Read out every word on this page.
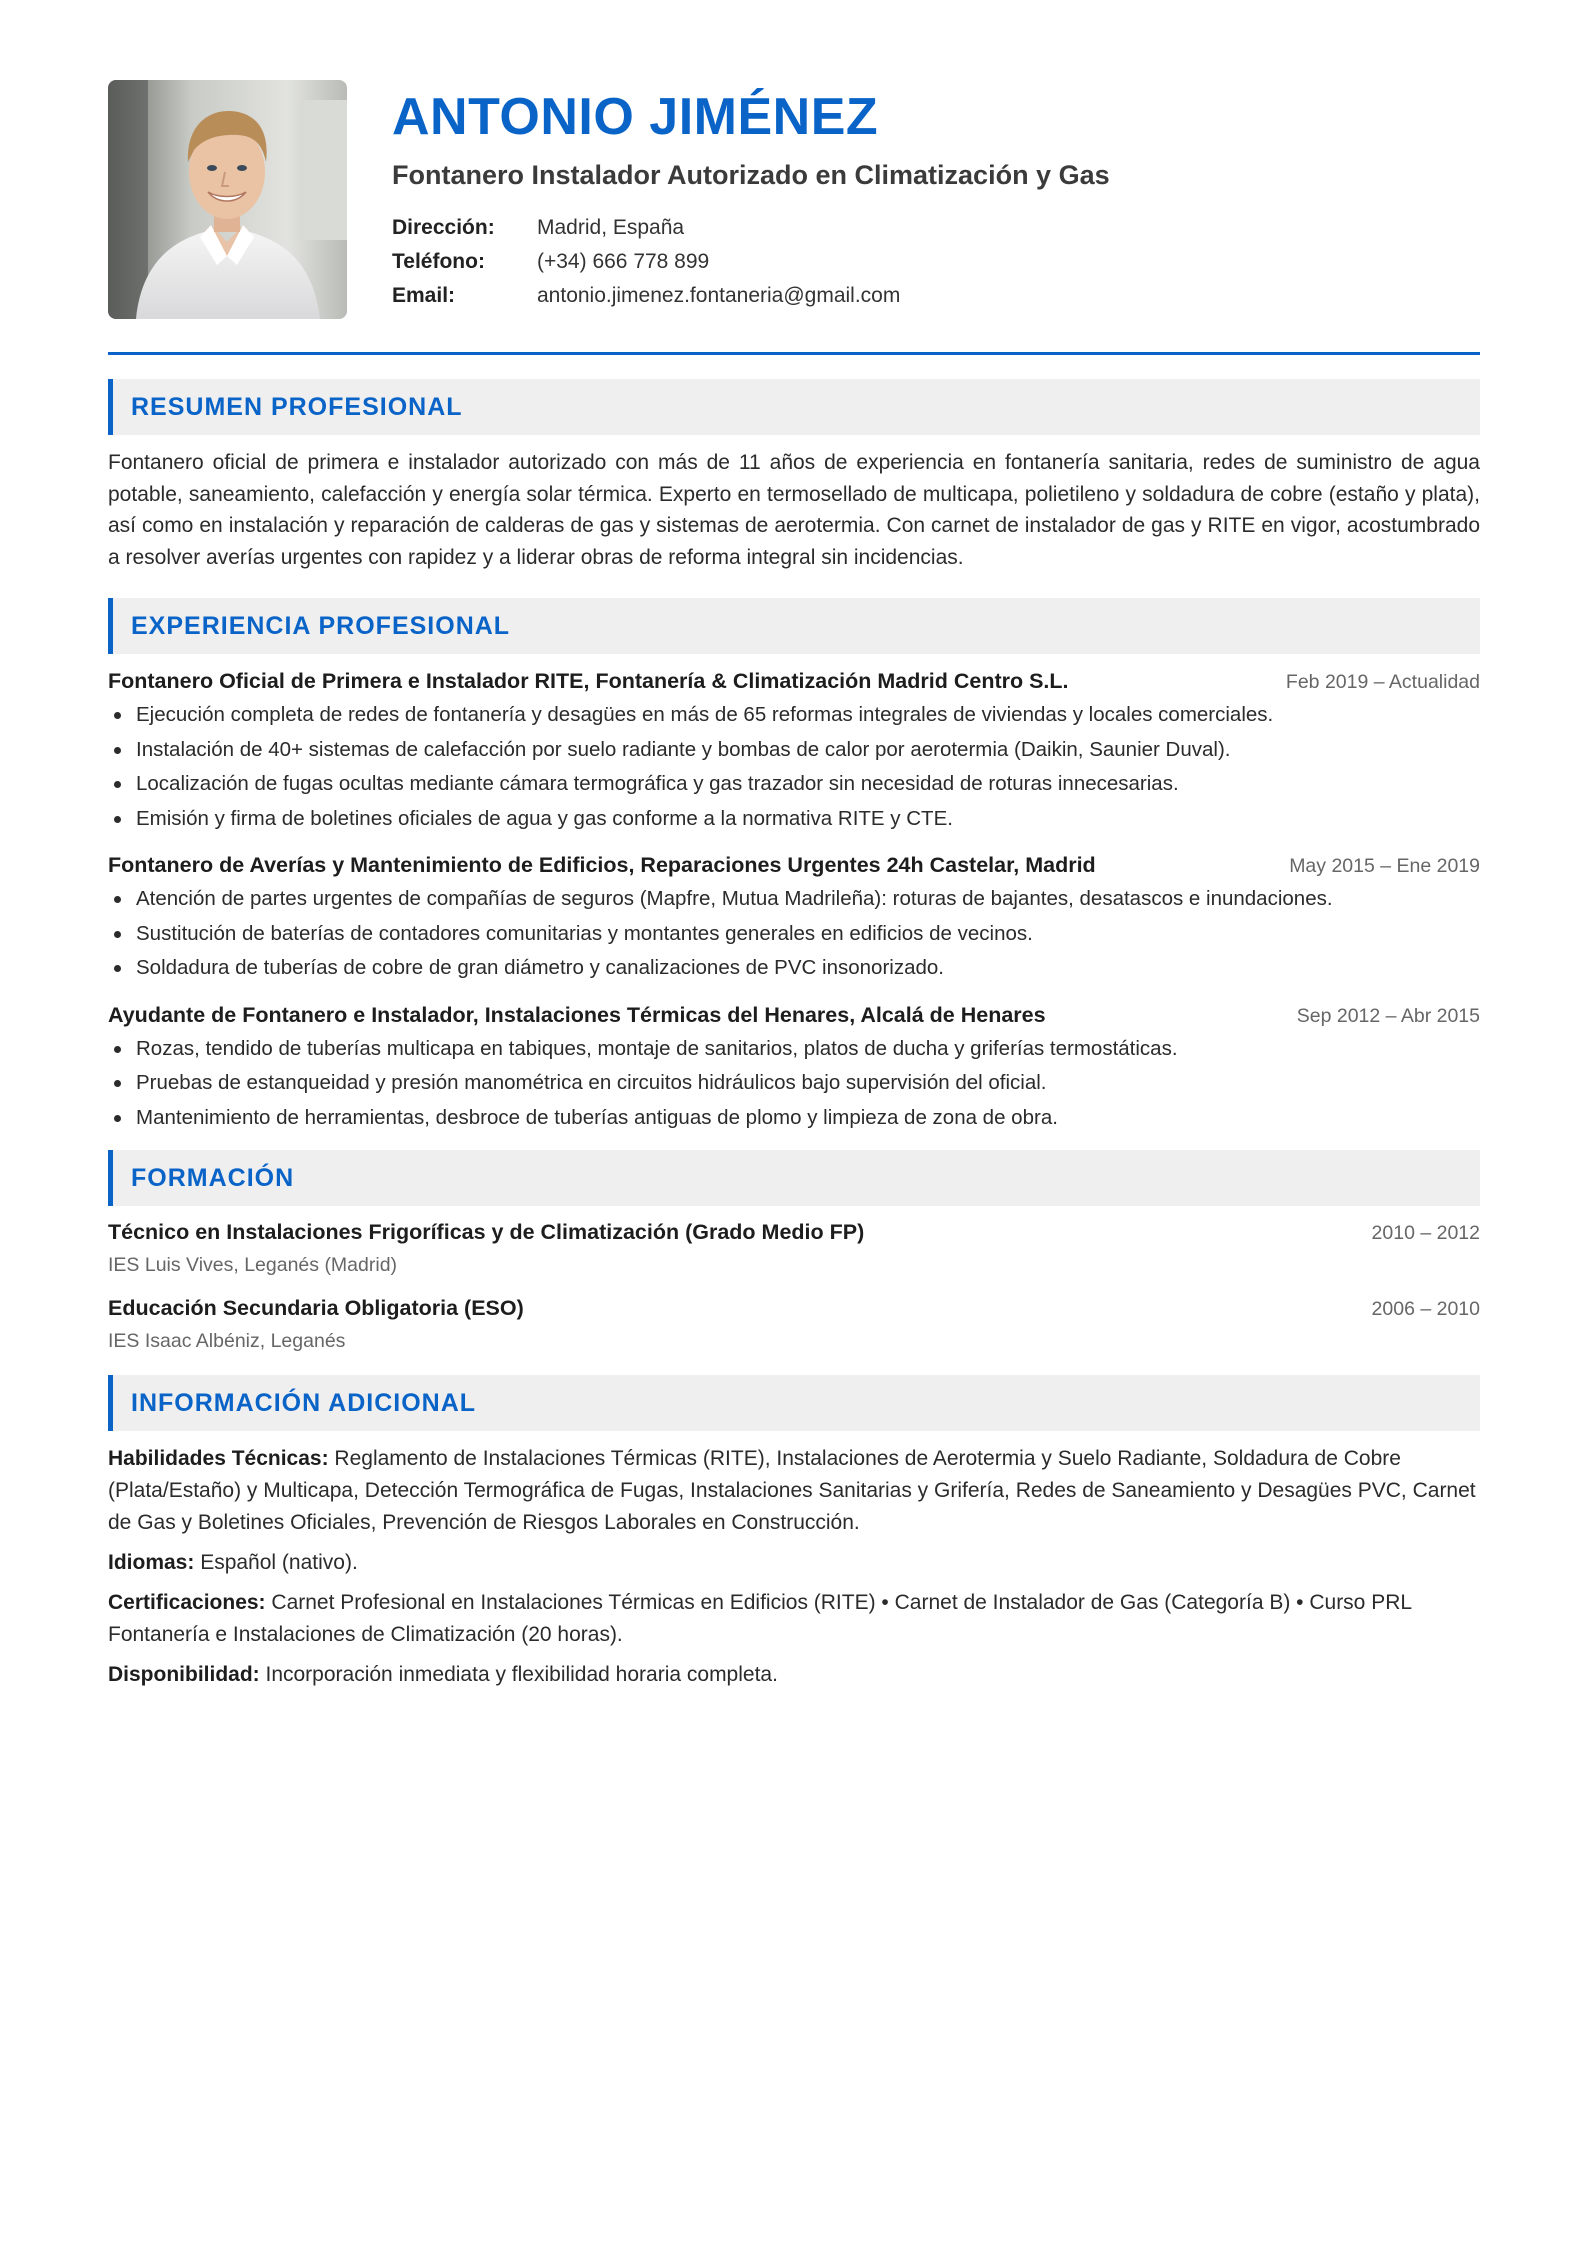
ANTONIO JIMÉNEZ
Fontanero Instalador Autorizado en Climatización y Gas
Dirección:	Madrid, España
Teléfono:	(+34) 666 778 899
Email:	antonio.jimenez.fontaneria@gmail.com
RESUMEN PROFESIONAL

Fontanero oficial de primera e instalador autorizado con más de 11 años de experiencia en fontanería sanitaria, redes de suministro de agua potable, saneamiento, calefacción y energía solar térmica. Experto en termosellado de multicapa, polietileno y soldadura de cobre (estaño y plata), así como en instalación y reparación de calderas de gas y sistemas de aerotermia. Con carnet de instalador de gas y RITE en vigor, acostumbrado a resolver averías urgentes con rapidez y a liderar obras de reforma integral sin incidencias.

EXPERIENCIA PROFESIONAL
Fontanero Oficial de Primera e Instalador RITE, Fontanería & Climatización Madrid Centro S.L.	Feb 2019 – Actualidad
Ejecución completa de redes de fontanería y desagües en más de 65 reformas integrales de viviendas y locales comerciales.
Instalación de 40+ sistemas de calefacción por suelo radiante y bombas de calor por aerotermia (Daikin, Saunier Duval).
Localización de fugas ocultas mediante cámara termográfica y gas trazador sin necesidad de roturas innecesarias.
Emisión y firma de boletines oficiales de agua y gas conforme a la normativa RITE y CTE.
Fontanero de Averías y Mantenimiento de Edificios, Reparaciones Urgentes 24h Castelar, Madrid	May 2015 – Ene 2019
Atención de partes urgentes de compañías de seguros (Mapfre, Mutua Madrileña): roturas de bajantes, desatascos e inundaciones.
Sustitución de baterías de contadores comunitarias y montantes generales en edificios de vecinos.
Soldadura de tuberías de cobre de gran diámetro y canalizaciones de PVC insonorizado.
Ayudante de Fontanero e Instalador, Instalaciones Térmicas del Henares, Alcalá de Henares	Sep 2012 – Abr 2015
Rozas, tendido de tuberías multicapa en tabiques, montaje de sanitarios, platos de ducha y griferías termostáticas.
Pruebas de estanqueidad y presión manométrica en circuitos hidráulicos bajo supervisión del oficial.
Mantenimiento de herramientas, desbroce de tuberías antiguas de plomo y limpieza de zona de obra.
FORMACIÓN
Técnico en Instalaciones Frigoríficas y de Climatización (Grado Medio FP)	2010 – 2012
IES Luis Vives, Leganés (Madrid)
Educación Secundaria Obligatoria (ESO)	2006 – 2010
IES Isaac Albéniz, Leganés
INFORMACIÓN ADICIONAL

Habilidades Técnicas: Reglamento de Instalaciones Térmicas (RITE), Instalaciones de Aerotermia y Suelo Radiante, Soldadura de Cobre (Plata/Estaño) y Multicapa, Detección Termográfica de Fugas, Instalaciones Sanitarias y Grifería, Redes de Saneamiento y Desagües PVC, Carnet de Gas y Boletines Oficiales, Prevención de Riesgos Laborales en Construcción.

Idiomas: Español (nativo).

Certificaciones: Carnet Profesional en Instalaciones Térmicas en Edificios (RITE) • Carnet de Instalador de Gas (Categoría B) • Curso PRL Fontanería e Instalaciones de Climatización (20 horas).

Disponibilidad: Incorporación inmediata y flexibilidad horaria completa.
